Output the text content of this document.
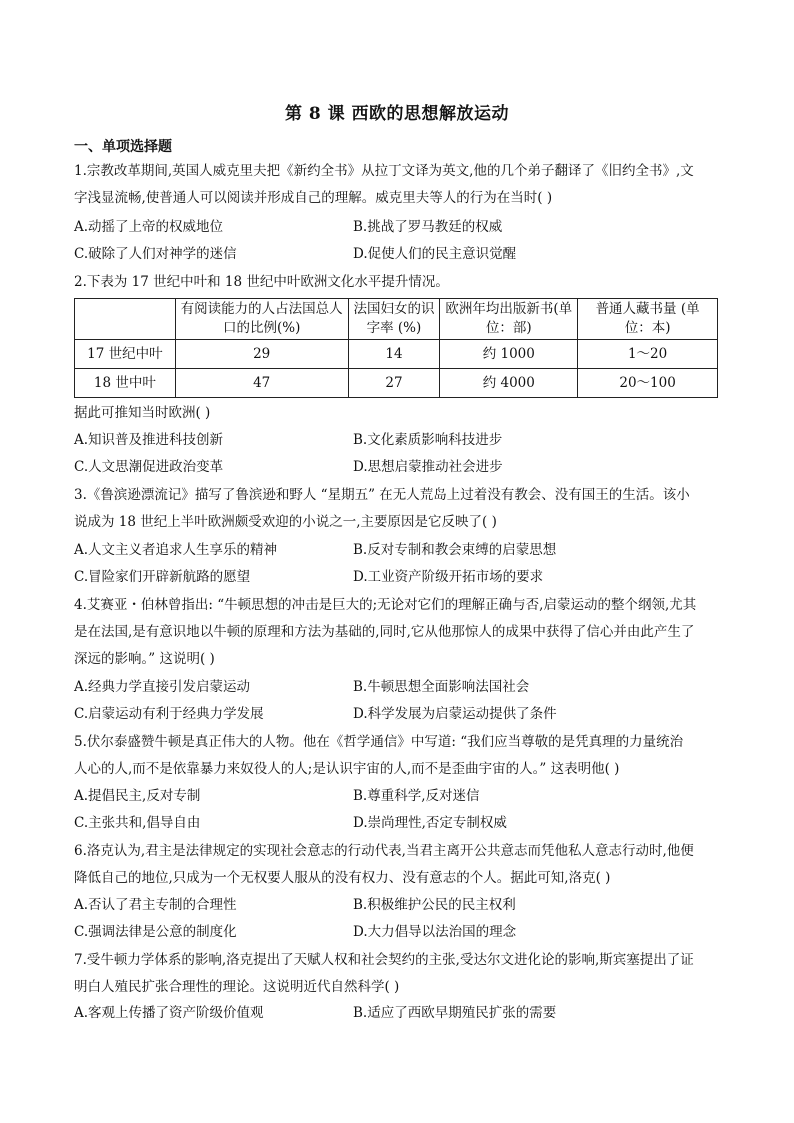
第 8 课 西欧的思想解放运动
一、单项选择题
1.宗教改革期间,英国人威克里夫把《新约全书》从拉丁文译为英文,他的几个弟子翻译了《旧约全书》,文
字浅显流畅,使普通人可以阅读并形成自己的理解。威克里夫等人的行为在当时( )
A.动摇了上帝的权威地位	B.挑战了罗马教廷的权威
C.破除了人们对神学的迷信	D.促使人们的民主意识觉醒
2.下表为 17 世纪中叶和 18 世纪中叶欧洲文化水平提升情况。
	有阅读能力的人占法国总人口的比例(%)	法国妇女的识字率 (%)	欧洲年均出版新书(单位：部)	普通人藏书量 (单位：本)
17 世纪中叶	29	14	约 1000	1～20
18 世中叶	47	27	约 4000	20～100
据此可推知当时欧洲( )
A.知识普及推进科技创新	B.文化素质影响科技进步
C.人文思潮促进政治变革	D.思想启蒙推动社会进步
3.《鲁滨逊漂流记》描写了鲁滨逊和野人 “星期五” 在无人荒岛上过着没有教会、没有国王的生活。该小
说成为 18 世纪上半叶欧洲颇受欢迎的小说之一,主要原因是它反映了( )
A.人文主义者追求人生享乐的精神	B.反对专制和教会束缚的启蒙思想
C.冒险家们开辟新航路的愿望	D.工业资产阶级开拓市场的要求
4.艾赛亚・伯林曾指出: “牛顿思想的冲击是巨大的;无论对它们的理解正确与否,启蒙运动的整个纲领,尤其
是在法国,是有意识地以牛顿的原理和方法为基础的,同时,它从他那惊人的成果中获得了信心并由此产生了
深远的影响。” 这说明( )
A.经典力学直接引发启蒙运动	B.牛顿思想全面影响法国社会
C.启蒙运动有利于经典力学发展	D.科学发展为启蒙运动提供了条件
5.伏尔泰盛赞牛顿是真正伟大的人物。他在《哲学通信》中写道: “我们应当尊敬的是凭真理的力量统治
人心的人,而不是依靠暴力来奴役人的人;是认识宇宙的人,而不是歪曲宇宙的人。” 这表明他( )
A.提倡民主,反对专制	B.尊重科学,反对迷信
C.主张共和,倡导自由	D.崇尚理性,否定专制权威
6.洛克认为,君主是法律规定的实现社会意志的行动代表,当君主离开公共意志而凭他私人意志行动时,他便
降低自己的地位,只成为一个无权要人服从的没有权力、没有意志的个人。据此可知,洛克( )
A.否认了君主专制的合理性	B.积极维护公民的民主权利
C.强调法律是公意的制度化	D.大力倡导以法治国的理念
7.受牛顿力学体系的影响,洛克提出了天赋人权和社会契约的主张,受达尔文进化论的影响,斯宾塞提出了证
明白人殖民扩张合理性的理论。这说明近代自然科学( )
A.客观上传播了资产阶级价值观	B.适应了西欧早期殖民扩张的需要
